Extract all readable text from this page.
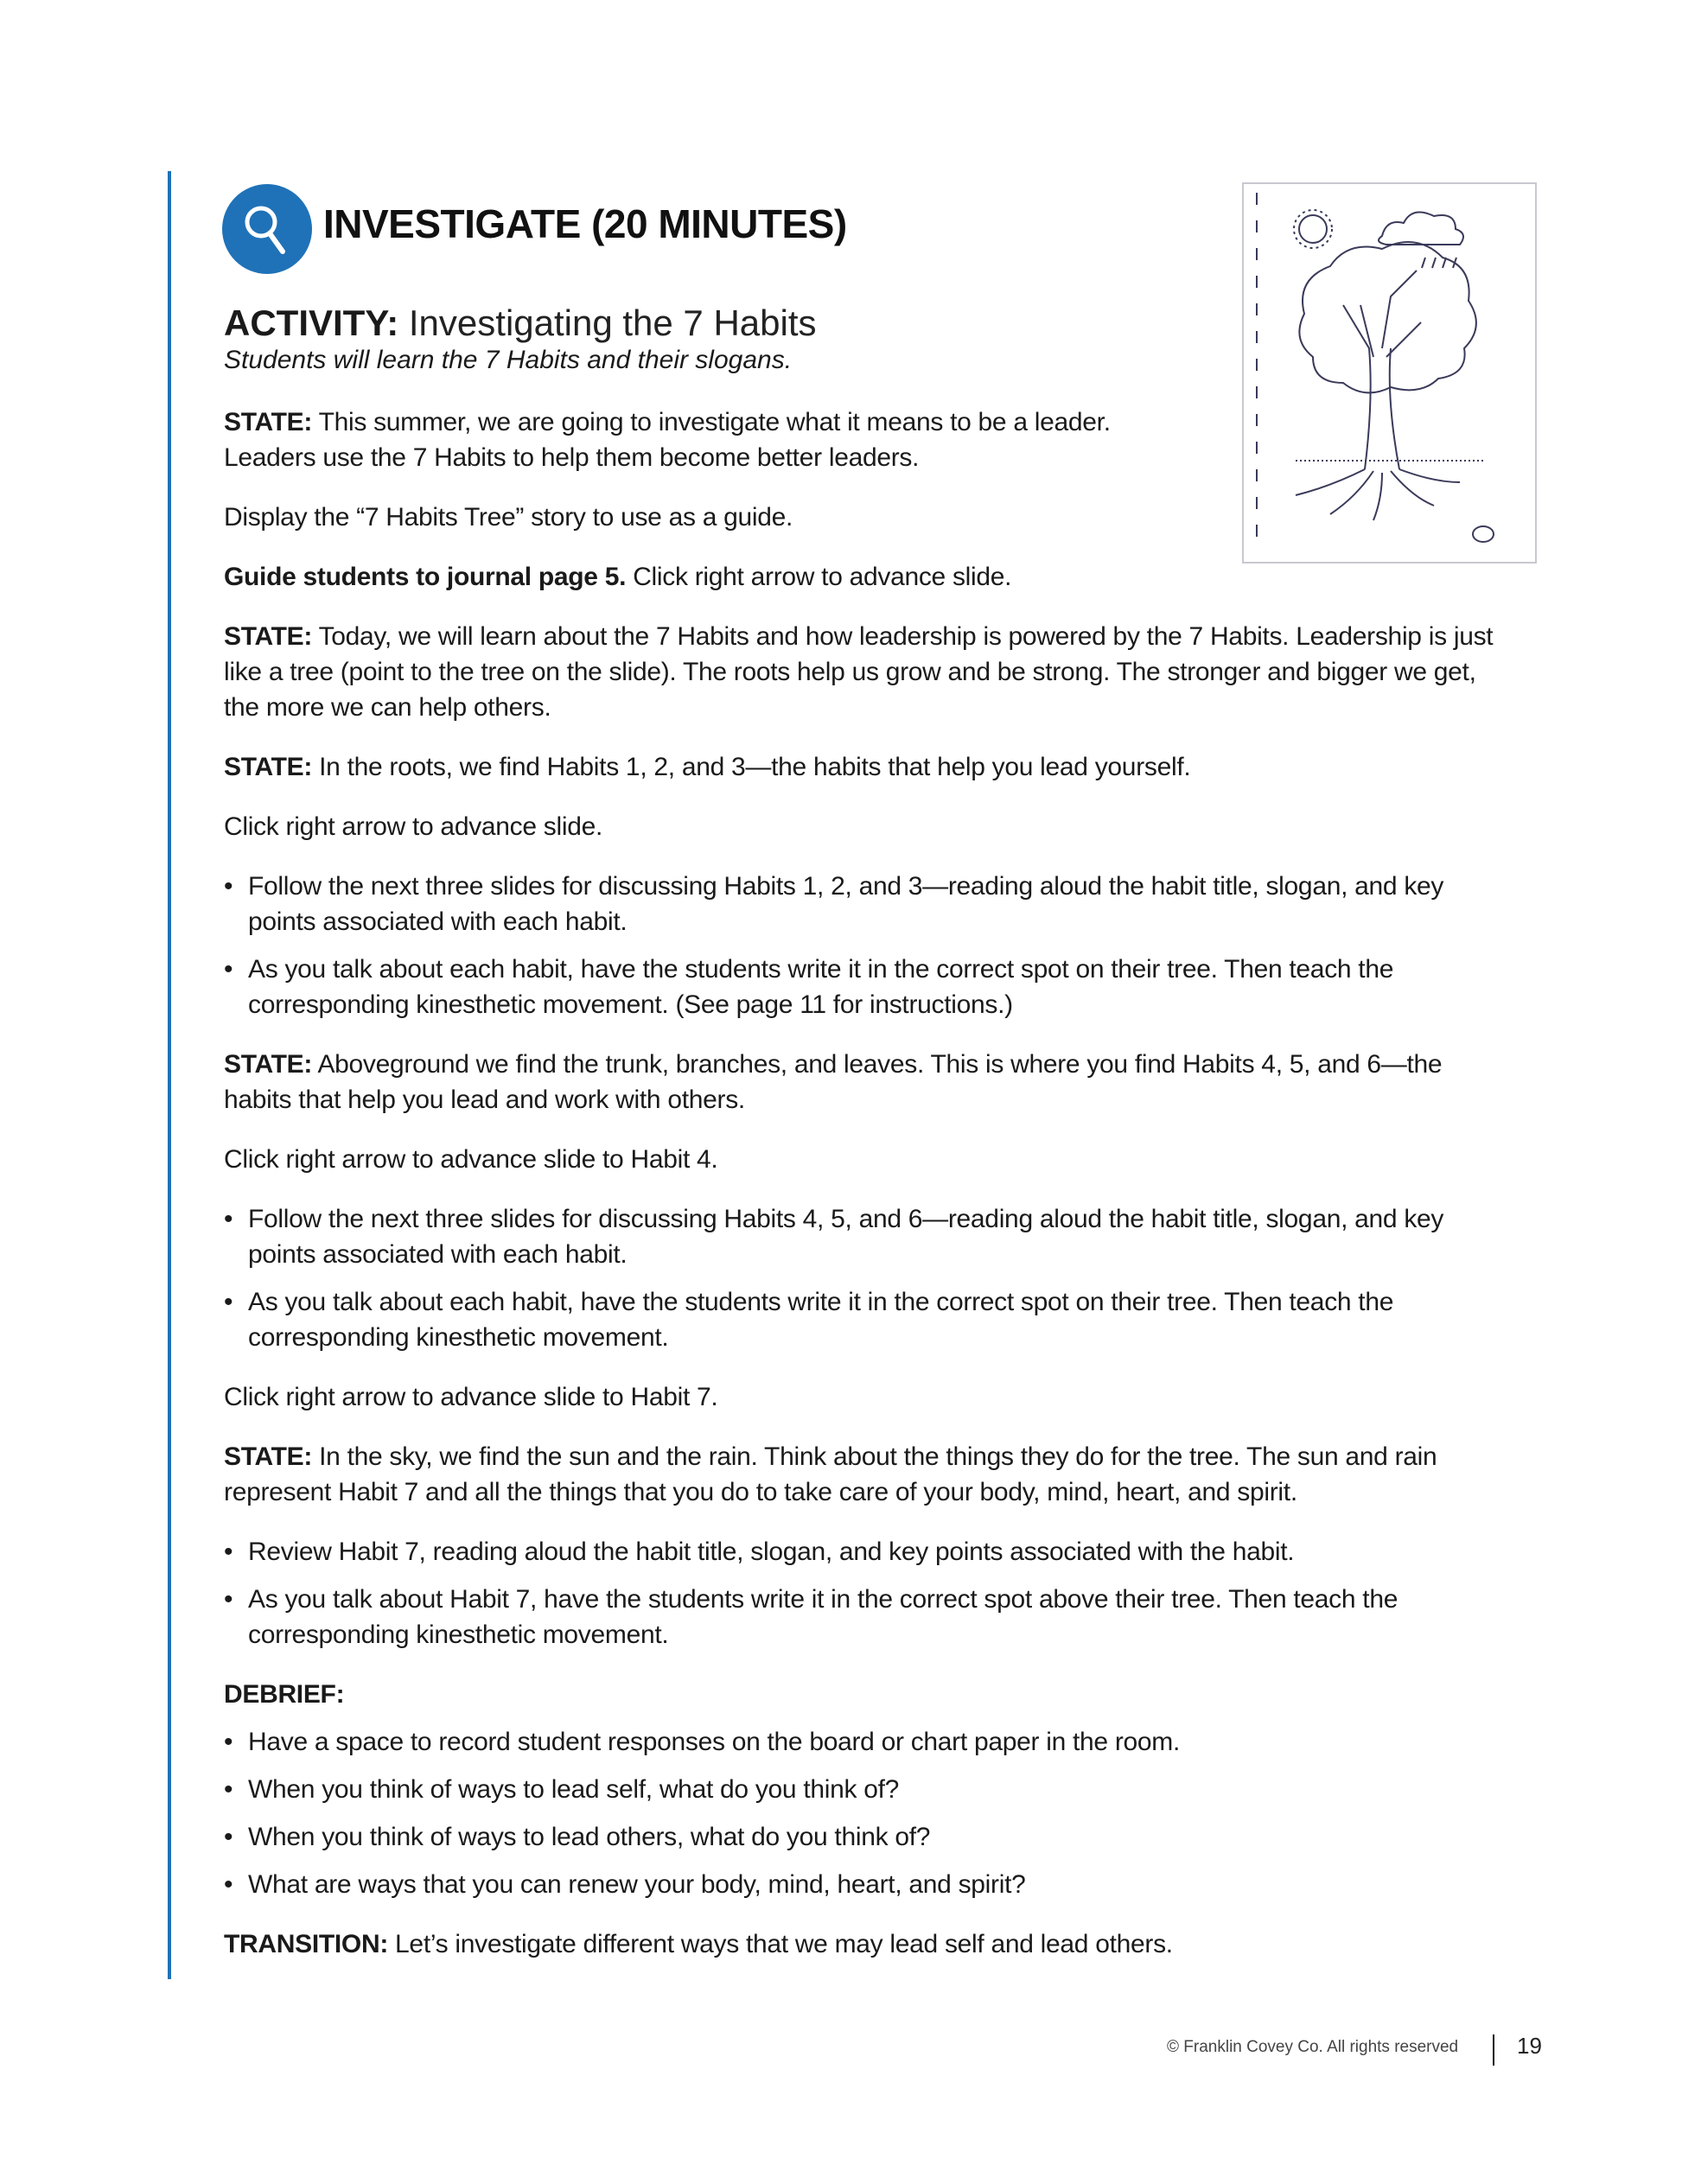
INVESTIGATE (20 MINUTES)
ACTIVITY: Investigating the 7 Habits
Students will learn the 7 Habits and their slogans.

STATE: This summer, we are going to investigate what it means to be a leader. Leaders use the 7 Habits to help them become better leaders.

Display the “7 Habits Tree” story to use as a guide.

Guide students to journal page 5. Click right arrow to advance slide.

STATE: Today, we will learn about the 7 Habits and how leadership is powered by the 7 Habits. Leadership is just like a tree (point to the tree on the slide). The roots help us grow and be strong. The stronger and bigger we get, the more we can help others.

STATE: In the roots, we find Habits 1, 2, and 3—the habits that help you lead yourself.

Click right arrow to advance slide.

• Follow the next three slides for discussing Habits 1, 2, and 3—reading aloud the habit title, slogan, and key points associated with each habit.
• As you talk about each habit, have the students write it in the correct spot on their tree. Then teach the corresponding kinesthetic movement. (See page 11 for instructions.)

STATE: Aboveground we find the trunk, branches, and leaves. This is where you find Habits 4, 5, and 6—the habits that help you lead and work with others.

Click right arrow to advance slide to Habit 4.

• Follow the next three slides for discussing Habits 4, 5, and 6—reading aloud the habit title, slogan, and key points associated with each habit.
• As you talk about each habit, have the students write it in the correct spot on their tree. Then teach the corresponding kinesthetic movement.

Click right arrow to advance slide to Habit 7.

STATE: In the sky, we find the sun and the rain. Think about the things they do for the tree. The sun and rain represent Habit 7 and all the things that you do to take care of your body, mind, heart, and spirit.

• Review Habit 7, reading aloud the habit title, slogan, and key points associated with the habit.
• As you talk about Habit 7, have the students write it in the correct spot above their tree. Then teach the corresponding kinesthetic movement.

DEBRIEF:

• Have a space to record student responses on the board or chart paper in the room.
• When you think of ways to lead self, what do you think of?
• When you think of ways to lead others, what do you think of?
• What are ways that you can renew your body, mind, heart, and spirit?

TRANSITION: Let’s investigate different ways that we may lead self and lead others.

© Franklin Covey Co. All rights reserved	19
